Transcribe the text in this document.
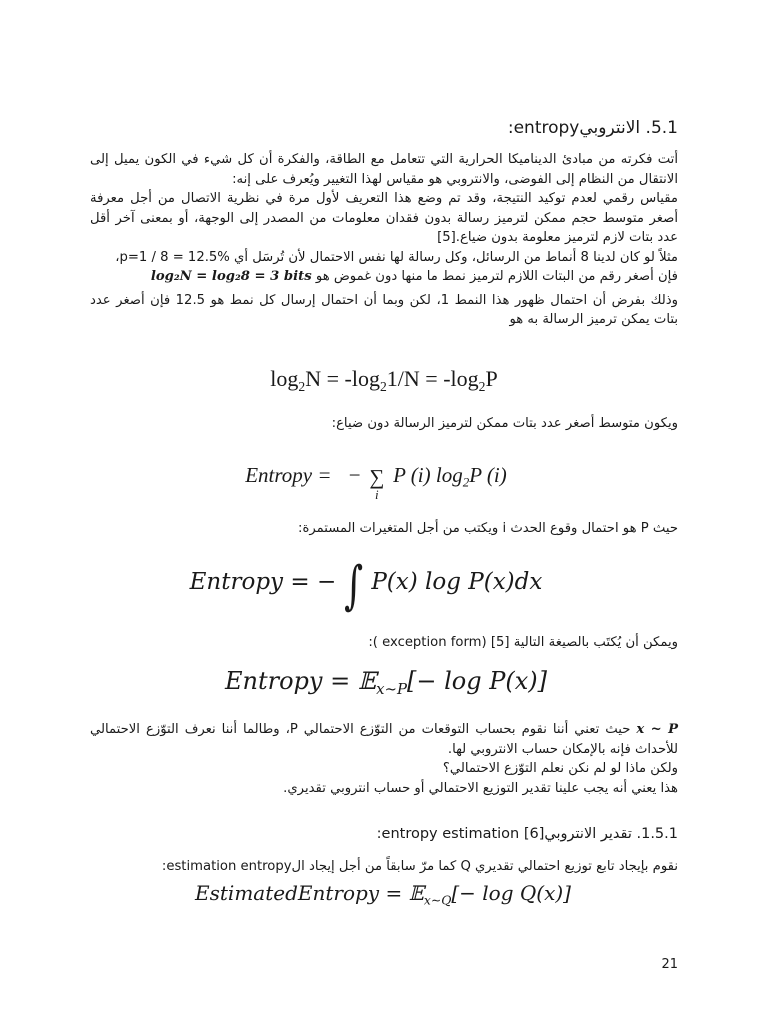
5.1. الانتروبيentropy:

أتت فكرته من مبادئ الديناميكا الحرارية التي تتعامل مع الطاقة، والفكرة أن كل شيء في الكون يميل إلى الانتقال من النظام إلى الفوضى، والانتروبي هو مقياس لهذا التغيير ويُعرف على إنه:

مقياس رقمي لعدم توكيد النتيجة، وقد تم وضع هذا التعريف لأول مرة في نظرية الاتصال من أجل معرفة أصغر متوسط حجم ممكن لترميز رسالة بدون فقدان معلومات من المصدر إلى الوجهة، أو بمعنى آخر أقل عدد بتات لازم لترميز معلومة بدون ضياع.[5]

مثلاً لو كان لدينا 8 أنماط من الرسائل، وكل رسالة لها نفس الاحتمال لأن تُرسَل أي p=1 / 8 = 12.5%،

فإن أصغر رقم من البتات اللازم لترميز نمط ما منها دون غموض هو log₂N = log₂8 = 3 bits

وذلك بفرض أن احتمال ظهور هذا النمط 1، لكن وبما أن احتمال إرسال كل نمط هو 12.5 فإن أصغر عدد بتات يمكن ترميز الرسالة به هو

$\log_2N = -\log_21/N = -\log_2P$

ويكون متوسط أصغر عدد بتات ممكن لترميز الرسالة دون ضياع:

Entropy = − ∑
i
P (i) $\log_2P$ (i)

حيث P هو احتمال وقوع الحدث i ويكتب من أجل المتغيرات المستمرة:

Entropy = − ∫ P(x) log P(x)dx

ويمكن أن يُكتَب بالصيغة التالية [5] (exception form ):

Entropy = 𝔼$_{x\sim P}$[− log P(x)]

x ~ P حيث تعني أننا نقوم بحساب التوقعات من التوّزع الاحتمالي P، وطالما أننا نعرف التوّزع الاحتمالي للأحداث فإنه بالإمكان حساب الانتروبي لها.

ولكن ماذا لو لم نكن نعلم التوّزع الاحتمالي؟

هذا يعني أنه يجب علينا تقدير التوزيع الاحتمالي أو حساب انتروبي تقديري.

1.5.1. تقدير الانتروبي[6] entropy estimation:

نقوم بإيجاد تابع توزيع احتمالي تقديري Q كما مرّ سابقاً من أجل إيجاد الestimation entropy:

EstimatedEntropy = 𝔼$_{x\sim Q}$[− log Q(x)]
21
